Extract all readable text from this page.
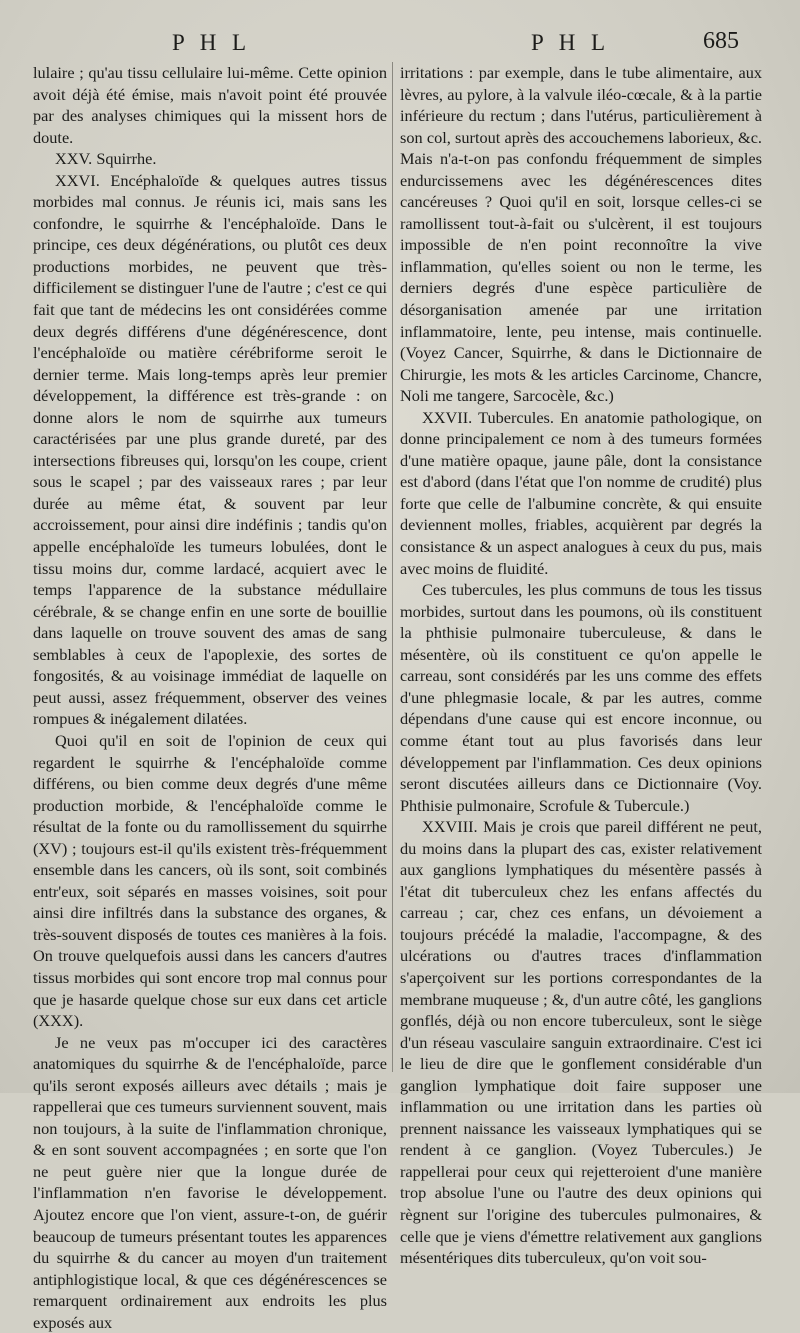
P H L	P H L	685

lulaire ; qu'au tissu cellulaire lui-même. Cette opinion avoit déjà été émise, mais n'avoit point été prouvée par des analyses chimiques qui la missent hors de doute.

XXV. Squirrhe.

XXVI. Encéphaloïde & quelques autres tissus morbides mal connus. Je réunis ici, mais sans les confondre, le squirrhe & l'encéphaloïde. Dans le principe, ces deux dégénérations, ou plutôt ces deux productions morbides, ne peuvent que très-difficilement se distinguer l'une de l'autre ; c'est ce qui fait que tant de médecins les ont considérées comme deux degrés différens d'une dégénérescence, dont l'encéphaloïde ou matière cérébriforme seroit le dernier terme. Mais long-temps après leur premier développement, la différence est très-grande : on donne alors le nom de squirrhe aux tumeurs caractérisées par une plus grande dureté, par des intersections fibreuses qui, lorsqu'on les coupe, crient sous le scapel ; par des vaisseaux rares ; par leur durée au même état, & souvent par leur accroissement, pour ainsi dire indéfinis ; tandis qu'on appelle encéphaloïde les tumeurs lobulées, dont le tissu moins dur, comme lardacé, acquiert avec le temps l'apparence de la substance médullaire cérébrale, & se change enfin en une sorte de bouillie dans laquelle on trouve souvent des amas de sang semblables à ceux de l'apoplexie, des sortes de fongosités, & au voisinage immédiat de laquelle on peut aussi, assez fréquemment, observer des veines rompues & inégalement dilatées.

Quoi qu'il en soit de l'opinion de ceux qui regardent le squirrhe & l'encéphaloïde comme différens, ou bien comme deux degrés d'une même production morbide, & l'encéphaloïde comme le résultat de la fonte ou du ramollissement du squirrhe (XV) ; toujours est-il qu'ils existent très-fréquemment ensemble dans les cancers, où ils sont, soit combinés entr'eux, soit séparés en masses voisines, soit pour ainsi dire infiltrés dans la substance des organes, & très-souvent disposés de toutes ces manières à la fois. On trouve quelquefois aussi dans les cancers d'autres tissus morbides qui sont encore trop mal connus pour que je hasarde quelque chose sur eux dans cet article (XXX).

Je ne veux pas m'occuper ici des caractères anatomiques du squirrhe & de l'encéphaloïde, parce qu'ils seront exposés ailleurs avec détails ; mais je rappellerai que ces tumeurs surviennent souvent, mais non toujours, à la suite de l'inflammation chronique, & en sont souvent accompagnées ; en sorte que l'on ne peut guère nier que la longue durée de l'inflammation n'en favorise le développement. Ajoutez encore que l'on vient, assure-t-on, de guérir beaucoup de tumeurs présentant toutes les apparences du squirrhe & du cancer au moyen d'un traitement antiphlogistique local, & que ces dégénérescences se remarquent ordinairement aux endroits les plus exposés aux

irritations : par exemple, dans le tube alimentaire, aux lèvres, au pylore, à la valvule iléo-cœcale, & à la partie inférieure du rectum ; dans l'utérus, particulièrement à son col, surtout après des accouchemens laborieux, &c. Mais n'a-t-on pas confondu fréquemment de simples endurcissemens avec les dégénérescences dites cancéreuses ? Quoi qu'il en soit, lorsque celles-ci se ramollissent tout-à-fait ou s'ulcèrent, il est toujours impossible de n'en point reconnoître la vive inflammation, qu'elles soient ou non le terme, les derniers degrés d'une espèce particulière de désorganisation amenée par une irritation inflammatoire, lente, peu intense, mais continuelle. (Voyez Cancer, Squirrhe, & dans le Dictionnaire de Chirurgie, les mots & les articles Carcinome, Chancre, Noli me tangere, Sarcocèle, &c.)

XXVII. Tubercules. En anatomie pathologique, on donne principalement ce nom à des tumeurs formées d'une matière opaque, jaune pâle, dont la consistance est d'abord (dans l'état que l'on nomme de crudité) plus forte que celle de l'albumine concrète, & qui ensuite deviennent molles, friables, acquièrent par degrés la consistance & un aspect analogues à ceux du pus, mais avec moins de fluidité.

Ces tubercules, les plus communs de tous les tissus morbides, surtout dans les poumons, où ils constituent la phthisie pulmonaire tuberculeuse, & dans le mésentère, où ils constituent ce qu'on appelle le carreau, sont considérés par les uns comme des effets d'une phlegmasie locale, & par les autres, comme dépendans d'une cause qui est encore inconnue, ou comme étant tout au plus favorisés dans leur développement par l'inflammation. Ces deux opinions seront discutées ailleurs dans ce Dictionnaire (Voy. Phthisie pulmonaire, Scrofule & Tubercule.)

XXVIII. Mais je crois que pareil différent ne peut, du moins dans la plupart des cas, exister relativement aux ganglions lymphatiques du mésentère passés à l'état dit tuberculeux chez les enfans affectés du carreau ; car, chez ces enfans, un dévoiement a toujours précédé la maladie, l'accompagne, & des ulcérations ou d'autres traces d'inflammation s'aperçoivent sur les portions correspondantes de la membrane muqueuse ; &, d'un autre côté, les ganglions gonflés, déjà ou non encore tuberculeux, sont le siège d'un réseau vasculaire sanguin extraordinaire. C'est ici le lieu de dire que le gonflement considérable d'un ganglion lymphatique doit faire supposer une inflammation ou une irritation dans les parties où prennent naissance les vaisseaux lymphatiques qui se rendent à ce ganglion. (Voyez Tubercules.) Je rappellerai pour ceux qui rejetteroient d'une manière trop absolue l'une ou l'autre des deux opinions qui règnent sur l'origine des tubercules pulmonaires, & celle que je viens d'émettre relativement aux ganglions mésentériques dits tuberculeux, qu'on voit sou-
